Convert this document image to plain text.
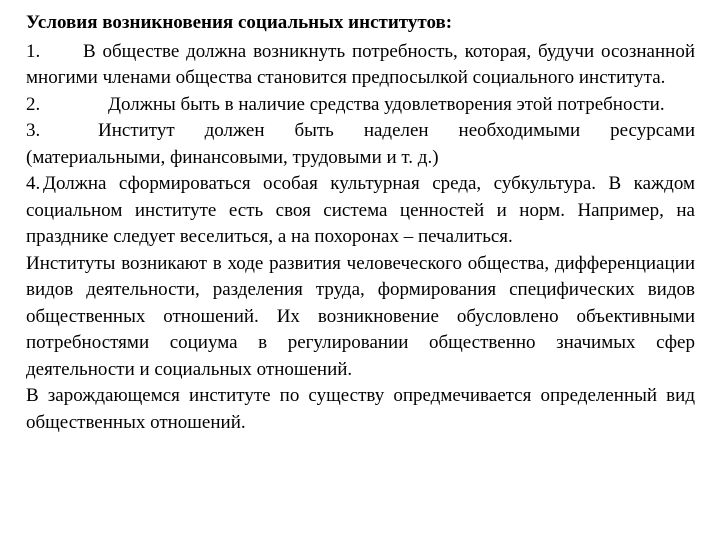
Условия возникновения социальных институтов:

1. В обществе должна возникнуть потребность, которая, будучи осознанной многими членами общества становится предпосылкой социального института.

2.	Должны быть в наличие средства удовлетворения этой потребности.

3.	Институт должен быть наделен необходимыми ресурсами (материальными, финансовыми, трудовыми и т. д.)

4. Должна сформироваться особая культурная среда, субкультура. В каждом социальном институте есть своя система ценностей и норм. Например, на празднике следует веселиться, а на похоронах – печалиться.

Институты возникают в ходе развития человеческого общества, дифференциации видов деятельности, разделения труда, формирования специфических видов общественных отношений. Их возникновение обусловлено объективными потребностями социума в регулировании общественно значимых сфер деятельности и социальных отношений.

В зарождающемся институте по существу опредмечивается определенный вид общественных отношений.
